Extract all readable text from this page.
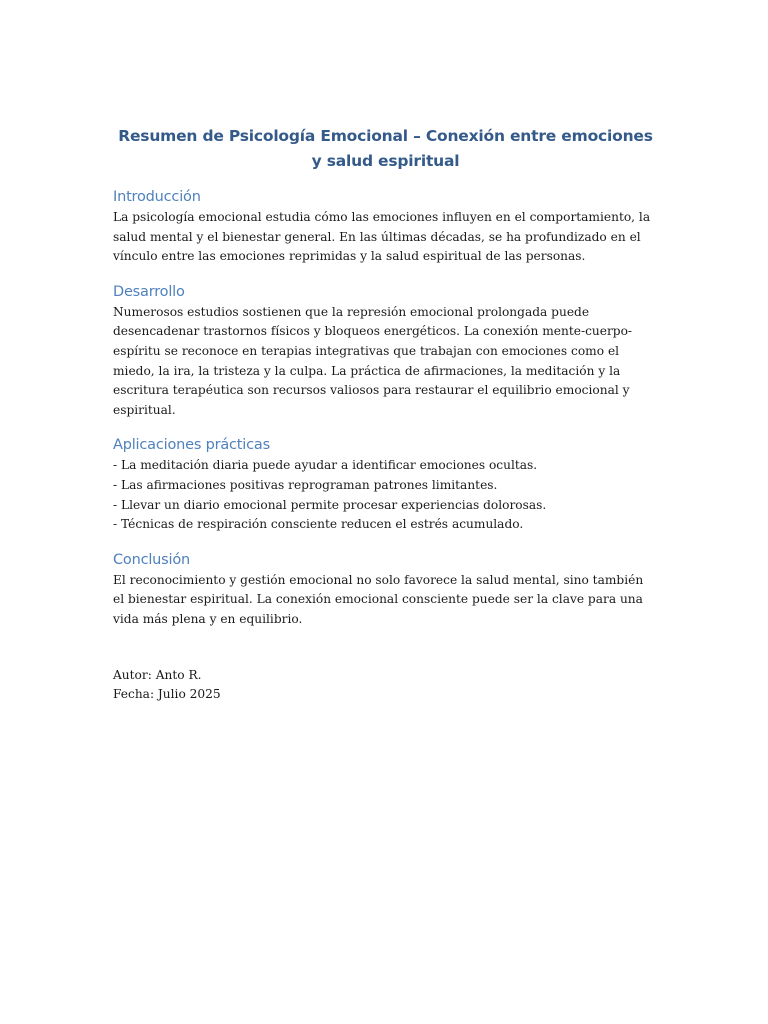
Resumen de Psicología Emocional – Conexión entre emociones y salud espiritual
Introducción

La psicología emocional estudia cómo las emociones influyen en el comportamiento, la salud mental y el bienestar general. En las últimas décadas, se ha profundizado en el vínculo entre las emociones reprimidas y la salud espiritual de las personas.

Desarrollo

Numerosos estudios sostienen que la represión emocional prolongada puede desencadenar trastornos físicos y bloqueos energéticos. La conexión mente-cuerpo-espíritu se reconoce en terapias integrativas que trabajan con emociones como el miedo, la ira, la tristeza y la culpa. La práctica de afirmaciones, la meditación y la escritura terapéutica son recursos valiosos para restaurar el equilibrio emocional y espiritual.

Aplicaciones prácticas
- La meditación diaria puede ayudar a identificar emociones ocultas.
- Las afirmaciones positivas reprograman patrones limitantes.
- Llevar un diario emocional permite procesar experiencias dolorosas.
- Técnicas de respiración consciente reducen el estrés acumulado.
Conclusión

El reconocimiento y gestión emocional no solo favorece la salud mental, sino también el bienestar espiritual. La conexión emocional consciente puede ser la clave para una vida más plena y en equilibrio.

Autor: Anto R.

Fecha: Julio 2025
